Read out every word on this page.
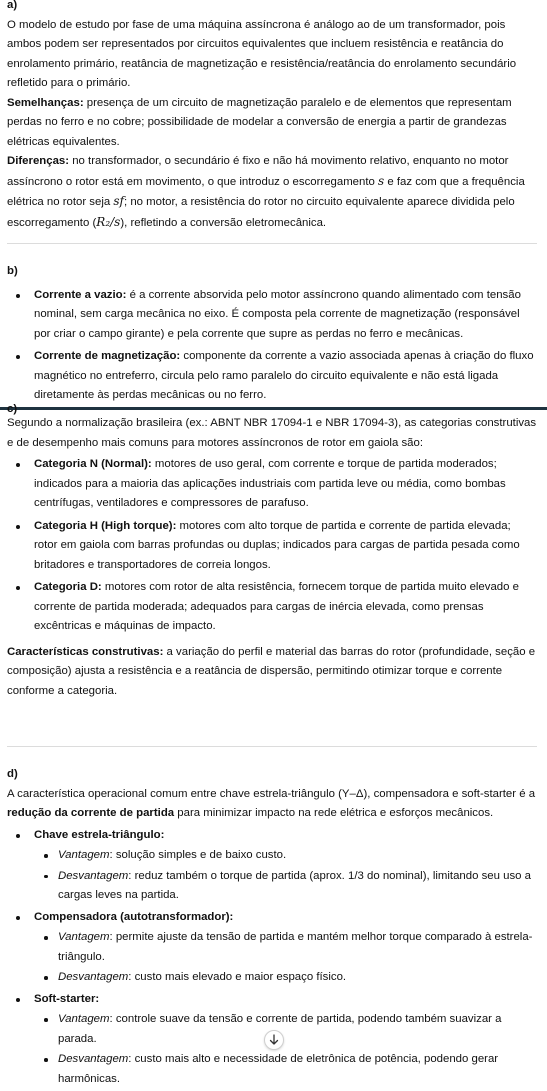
a)

O modelo de estudo por fase de uma máquina assíncrona é análogo ao de um transformador, pois ambos podem ser representados por circuitos equivalentes que incluem resistência e reatância do enrolamento primário, reatância de magnetização e resistência/reatância do enrolamento secundário refletido para o primário.

Semelhanças: presença de um circuito de magnetização paralelo e de elementos que representam perdas no ferro e no cobre; possibilidade de modelar a conversão de energia a partir de grandezas elétricas equivalentes.

Diferenças: no transformador, o secundário é fixo e não há movimento relativo, enquanto no motor assíncrono o rotor está em movimento, o que introduz o escorregamento s e faz com que a frequência elétrica no rotor seja sf; no motor, a resistência do rotor no circuito equivalente aparece dividida pelo escorregamento (R₂/s), refletindo a conversão eletromecânica.

b)

Corrente a vazio: é a corrente absorvida pelo motor assíncrono quando alimentado com tensão nominal, sem carga mecânica no eixo. É composta pela corrente de magnetização (responsável por criar o campo girante) e pela corrente que supre as perdas no ferro e mecânicas.
Corrente de magnetização: componente da corrente a vazio associada apenas à criação do fluxo magnético no entreferro, circula pelo ramo paralelo do circuito equivalente e não está ligada diretamente às perdas mecânicas ou no ferro.

c)

Segundo a normalização brasileira (ex.: ABNT NBR 17094-1 e NBR 17094-3), as categorias construtivas e de desempenho mais comuns para motores assíncronos de rotor em gaiola são:

Categoria N (Normal): motores de uso geral, com corrente e torque de partida moderados; indicados para a maioria das aplicações industriais com partida leve ou média, como bombas centrífugas, ventiladores e compressores de parafuso.
Categoria H (High torque): motores com alto torque de partida e corrente de partida elevada; rotor em gaiola com barras profundas ou duplas; indicados para cargas de partida pesada como britadores e transportadores de correia longos.
Categoria D: motores com rotor de alta resistência, fornecem torque de partida muito elevado e corrente de partida moderada; adequados para cargas de inércia elevada, como prensas excêntricas e máquinas de impacto.

Características construtivas: a variação do perfil e material das barras do rotor (profundidade, seção e composição) ajusta a resistência e a reatância de dispersão, permitindo otimizar torque e corrente conforme a categoria.

d)

A característica operacional comum entre chave estrela-triângulo (Y–Δ), compensadora e soft-starter é a redução da corrente de partida para minimizar impacto na rede elétrica e esforços mecânicos.

Chave estrela-triângulo:
Vantagem: solução simples e de baixo custo.
Desvantagem: reduz também o torque de partida (aprox. 1/3 do nominal), limitando seu uso a cargas leves na partida.
Compensadora (autotransformador):
Vantagem: permite ajuste da tensão de partida e mantém melhor torque comparado à estrela-triângulo.
Desvantagem: custo mais elevado e maior espaço físico.
Soft-starter:
Vantagem: controle suave da tensão e corrente de partida, podendo também suavizar a parada.
Desvantagem: custo mais alto e necessidade de eletrônica de potência, podendo gerar harmônicas.
